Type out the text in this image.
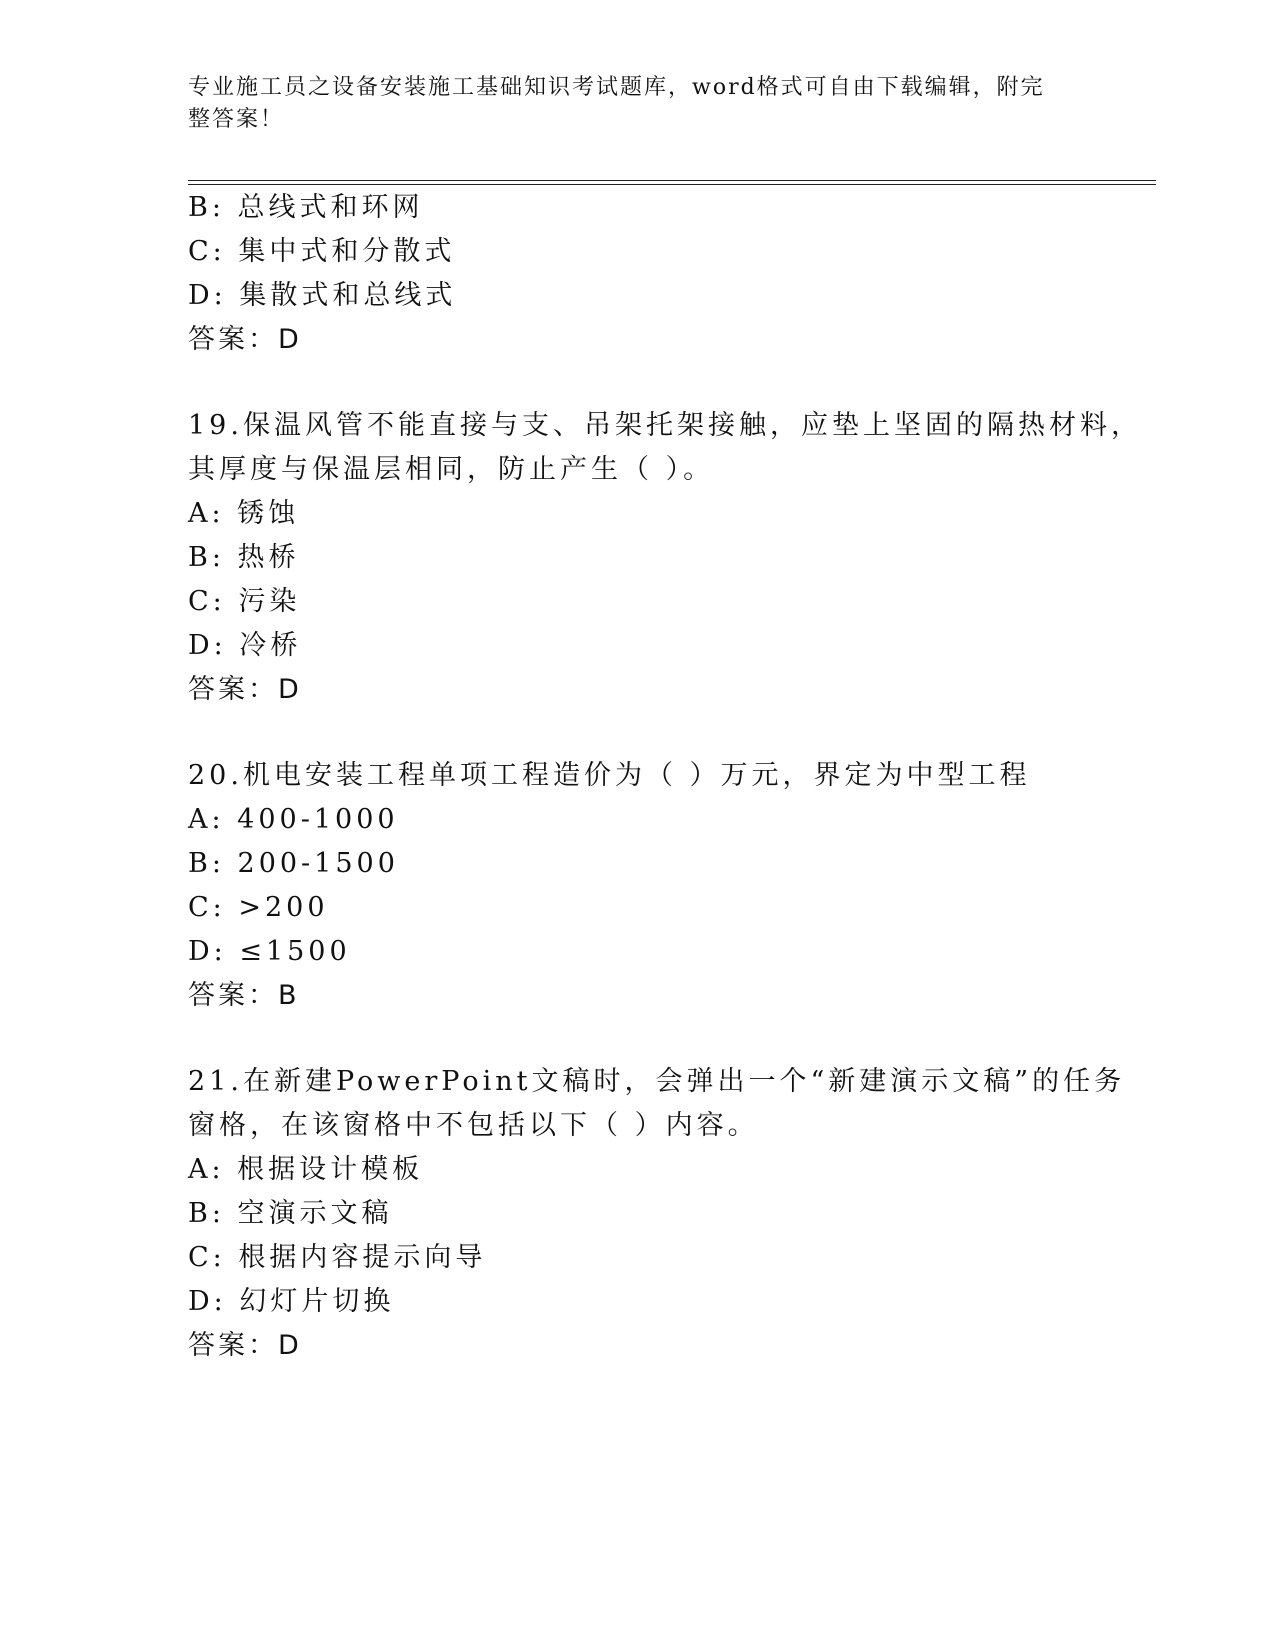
专业施工员之设备安装施工基础知识考试题库，word格式可自由下载编辑，附完
整答案！
B: 总线式和环网
C: 集中式和分散式
D: 集散式和总线式
答案：D
19.保温风管不能直接与支、吊架托架接触，应垫上坚固的隔热材料，
其厚度与保温层相同，防止产生（ ）。
A: 锈蚀
B: 热桥
C: 污染
D: 冷桥
答案：D
20.机电安装工程单项工程造价为（ ）万元，界定为中型工程
A: 400-1000
B: 200-1500
C: >200
D: ≤1500
答案：B
21.在新建PowerPoint文稿时，会弹出一个“新建演示文稿”的任务
窗格，在该窗格中不包括以下（ ）内容。
A: 根据设计模板
B: 空演示文稿
C: 根据内容提示向导
D: 幻灯片切换
答案：D
